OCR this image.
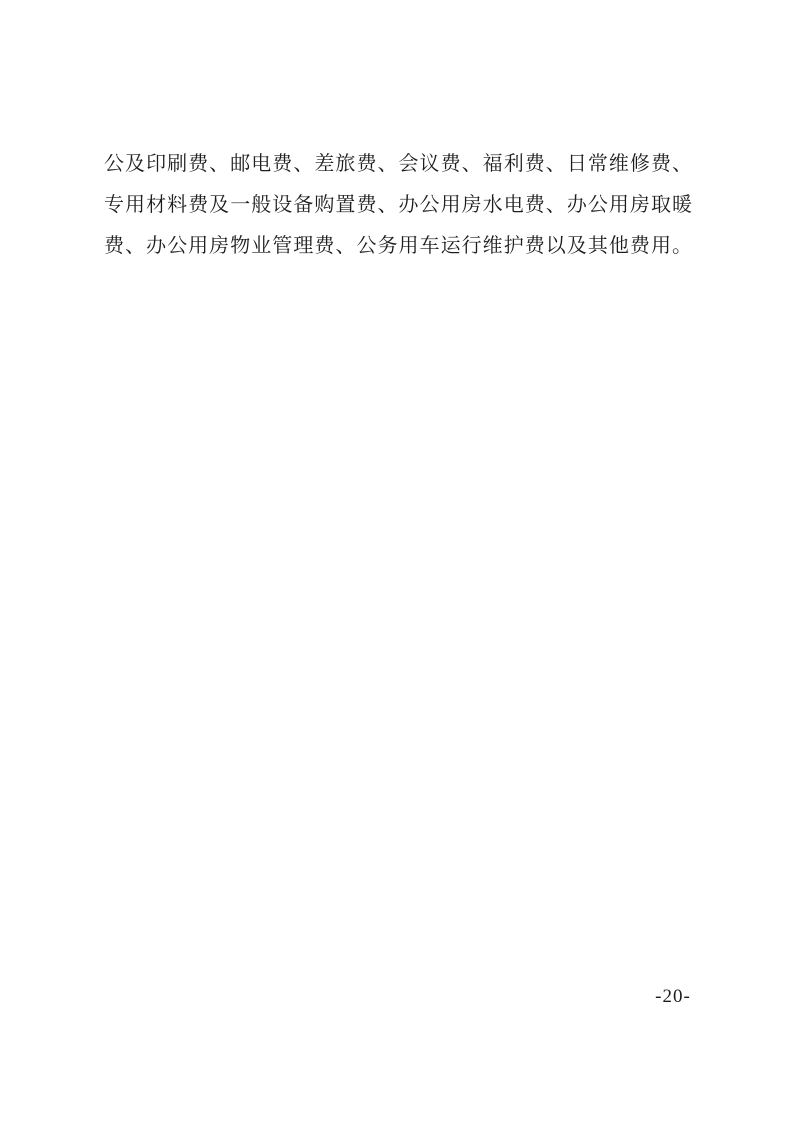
公及印刷费、邮电费、差旅费、会议费、福利费、日常维修费、
专用材料费及一般设备购置费、办公用房水电费、办公用房取暖
费、办公用房物业管理费、公务用车运行维护费以及其他费用。
-20-
